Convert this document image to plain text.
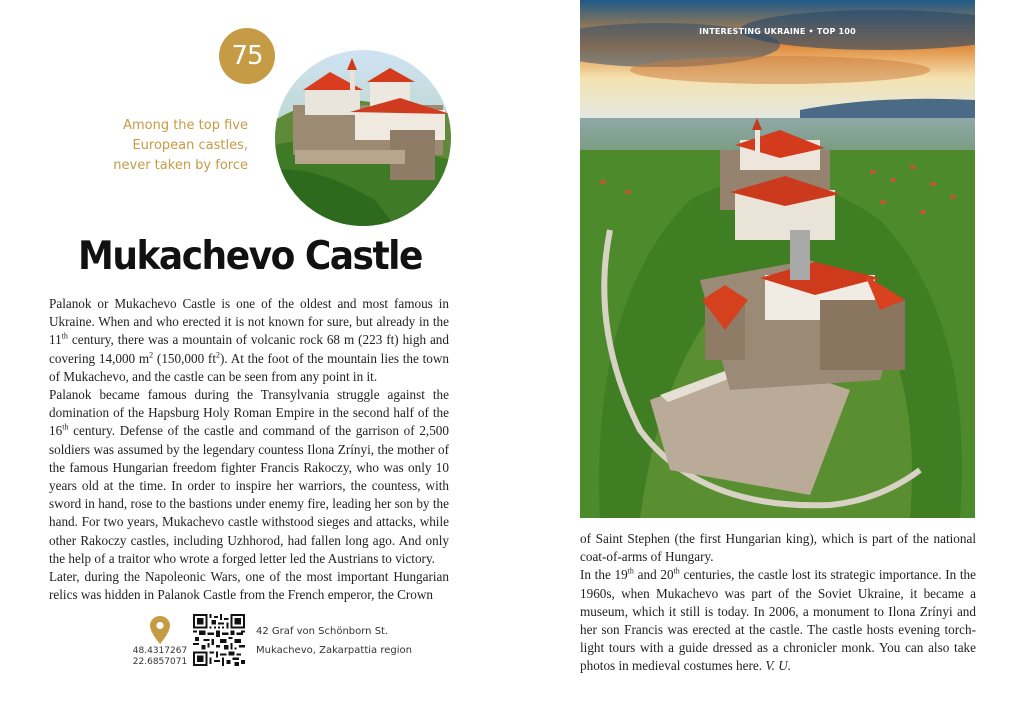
75
Among the top five
European castles,
never taken by force
Mukachevo Castle

Palanok or Mukachevo Castle is one of the oldest and most famous in Ukraine. When and who erected it is not known for sure, but already in the 11th century, there was a mountain of volcanic rock 68 m (223 ft) high and covering 14,000 $m^2$ (150,000 $ft^2$). At the foot of the mountain lies the town of Mukachevo, and the castle can be seen from any point in it.

Palanok became famous during the Transylvania struggle against the domination of the Hapsburg Holy Roman Empire in the second half of the 16th century. Defense of the castle and command of the garrison of 2,500 soldiers was assumed by the legendary countess Ilona Zrínyi, the mother of the famous Hungarian freedom fighter Francis Rakoczy, who was only 10 years old at the time. In order to inspire her warriors, the countess, with sword in hand, rose to the bastions under enemy fire, leading her son by the hand. For two years, Mukachevo castle withstood sieges and attacks, while other Rakoczy castles, including Uzhhorod, had fallen long ago. And only the help of a traitor who wrote a forged letter led the Austrians to victory.

Later, during the Napoleonic Wars, one of the most important Hungarian relics was hidden in Palanok Castle from the French emperor, the Crown

48.4317267
22.6857071
42 Graf von Schönborn St.
Mukachevo, Zakarpattia region
INTERESTING UKRAINE • TOP 100

of Saint Stephen (the first Hungarian king), which is part of the national coat-of-arms of Hungary.

In the 19th and 20th centuries, the castle lost its strategic importance. In the 1960s, when Mukachevo was part of the Soviet Ukraine, it became a museum, which it still is today. In 2006, a monument to Ilona Zrínyi and her son Francis was erected at the castle. The castle hosts evening torch-light tours with a guide dressed as a chronicler monk. You can also take photos in medieval costumes here. V. U.
